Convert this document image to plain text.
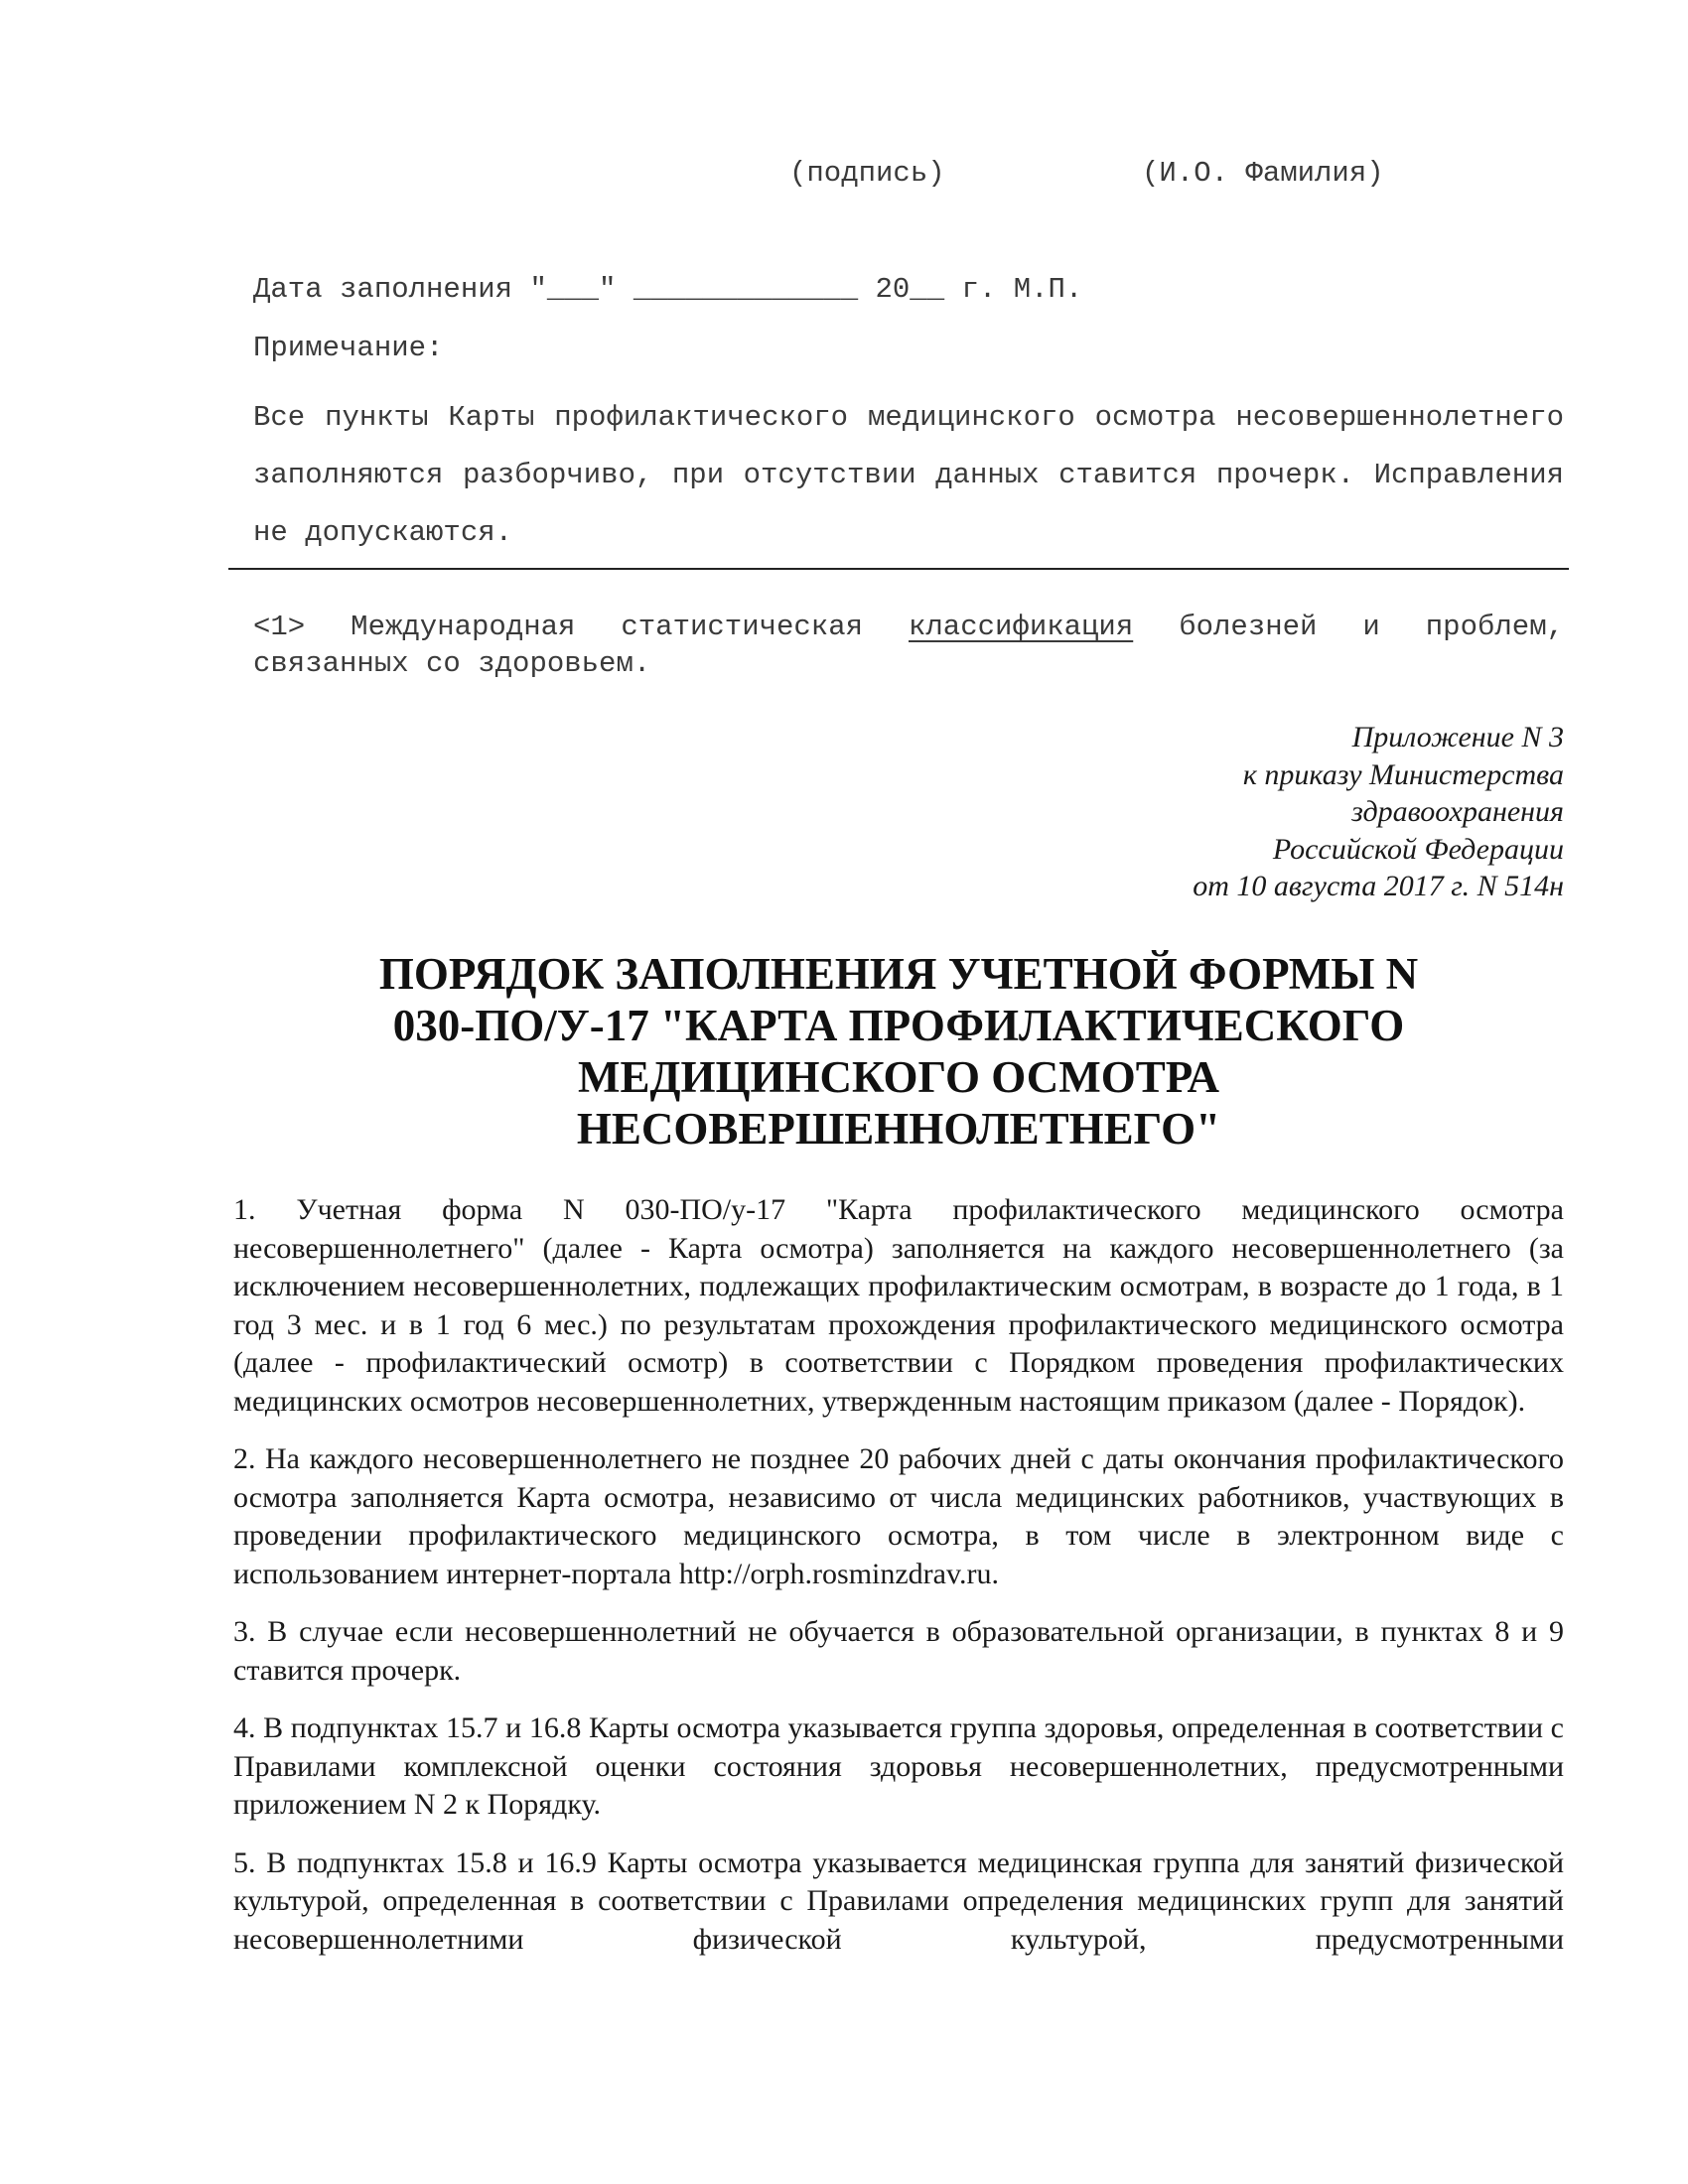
(подпись)	(И.О. Фамилия)
Дата заполнения "___" _____________ 20__ г. М.П.
Примечание:
Все пункты Карты профилактического медицинского осмотра несовершеннолетнего заполняются разборчиво, при отсутствии данных ставится прочерк. Исправления не допускаются.
<1> Международная статистическая классификация болезней и проблем, связанных со здоровьем.
Приложение N 3
к приказу Министерства
здравоохранения
Российской Федерации
от 10 августа 2017 г. N 514н
ПОРЯДОК ЗАПОЛНЕНИЯ УЧЕТНОЙ ФОРМЫ N
030-ПО/У-17 "КАРТА ПРОФИЛАКТИЧЕСКОГО
МЕДИЦИНСКОГО ОСМОТРА
НЕСОВЕРШЕННОЛЕТНЕГО"

1. Учетная форма N 030-ПО/у-17 "Карта профилактического медицинского осмотра несовершеннолетнего" (далее - Карта осмотра) заполняется на каждого несовершеннолетнего (за исключением несовершеннолетних, подлежащих профилактическим осмотрам, в возрасте до 1 года, в 1 год 3 мес. и в 1 год 6 мес.) по результатам прохождения профилактического медицинского осмотра (далее - профилактический осмотр) в соответствии с Порядком проведения профилактических медицинских осмотров несовершеннолетних, утвержденным настоящим приказом (далее - Порядок).

2. На каждого несовершеннолетнего не позднее 20 рабочих дней с даты окончания профилактического осмотра заполняется Карта осмотра, независимо от числа медицинских работников, участвующих в проведении профилактического медицинского осмотра, в том числе в электронном виде с использованием интернет-портала http://orph.rosminzdrav.ru.

3. В случае если несовершеннолетний не обучается в образовательной организации, в пунктах 8 и 9 ставится прочерк.

4. В подпунктах 15.7 и 16.8 Карты осмотра указывается группа здоровья, определенная в соответствии с Правилами комплексной оценки состояния здоровья несовершеннолетних, предусмотренными приложением N 2 к Порядку.

5. В подпунктах 15.8 и 16.9 Карты осмотра указывается медицинская группа для занятий физической культурой, определенная в соответствии с Правилами определения медицинских групп для занятий несовершеннолетними физической культурой, предусмотренными
